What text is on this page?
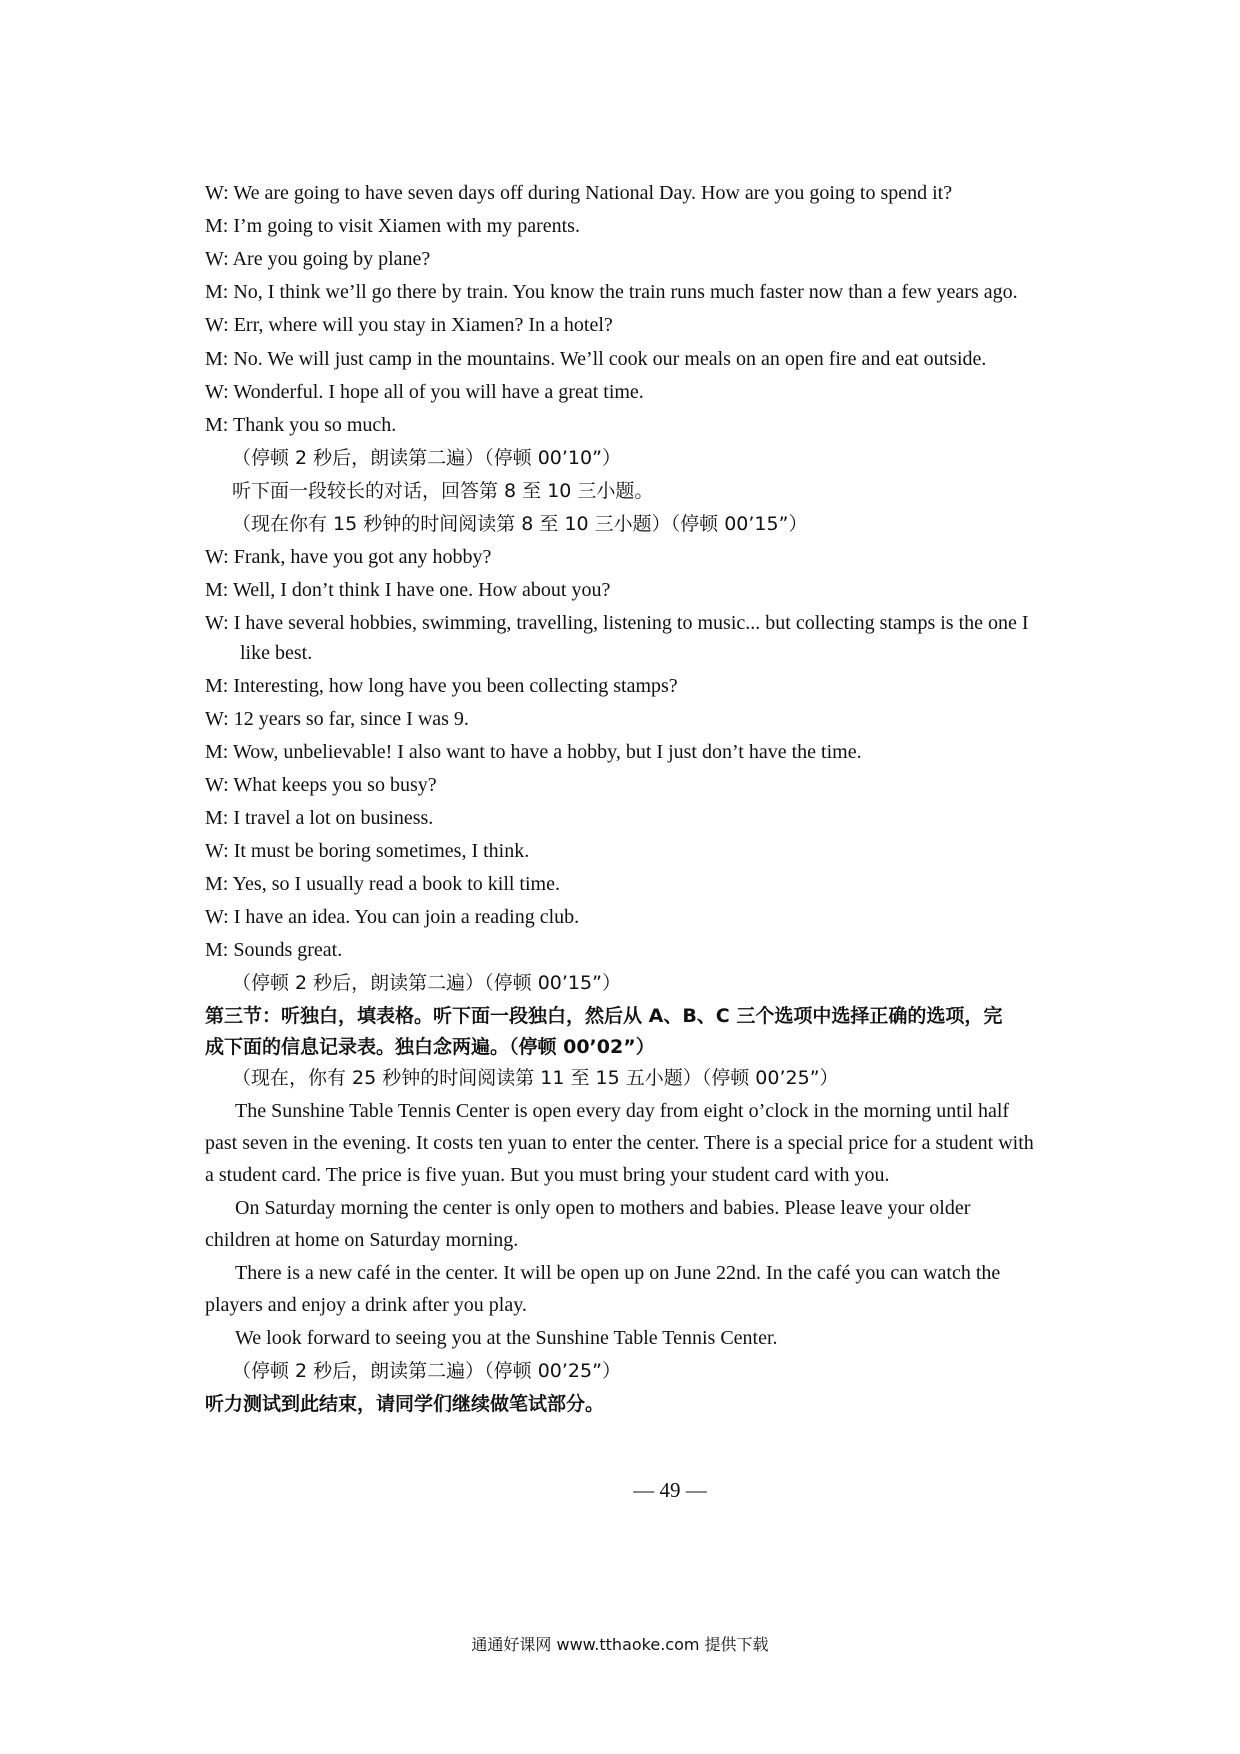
W: We are going to have seven days off during National Day. How are you going to spend it?
M: I’m going to visit Xiamen with my parents.
W: Are you going by plane?
M: No, I think we’ll go there by train. You know the train runs much faster now than a few years ago.
W: Err, where will you stay in Xiamen? In a hotel?
M: No. We will just camp in the mountains. We’ll cook our meals on an open fire and eat outside.
W: Wonderful. I hope all of you will have a great time.
M: Thank you so much.
（停顿 2 秒后，朗读第二遍）（停顿 00’10”）
听下面一段较长的对话，回答第 8 至 10 三小题。
（现在你有 15 秒钟的时间阅读第 8 至 10 三小题）（停顿 00’15”）
W: Frank, have you got any hobby?
M: Well, I don’t think I have one. How about you?
W: I have several hobbies, swimming, travelling, listening to music... but collecting stamps is the one I
like best.
M: Interesting, how long have you been collecting stamps?
W: 12 years so far, since I was 9.
M: Wow, unbelievable! I also want to have a hobby, but I just don’t have the time.
W: What keeps you so busy?
M: I travel a lot on business.
W: It must be boring sometimes, I think.
M: Yes, so I usually read a book to kill time.
W: I have an idea. You can join a reading club.
M: Sounds great.
（停顿 2 秒后，朗读第二遍）（停顿 00’15”）
第三节：听独白，填表格。听下面一段独白，然后从 A、B、C 三个选项中选择正确的选项，完
成下面的信息记录表。独白念两遍。（停顿 00’02”）
（现在，你有 25 秒钟的时间阅读第 11 至 15 五小题）（停顿 00’25”）
The Sunshine Table Tennis Center is open every day from eight o’clock in the morning until half
past seven in the evening. It costs ten yuan to enter the center. There is a special price for a student with
a student card. The price is five yuan. But you must bring your student card with you.
On Saturday morning the center is only open to mothers and babies. Please leave your older
children at home on Saturday morning.
There is a new café in the center. It will be open up on June 22nd. In the café you can watch the
players and enjoy a drink after you play.
We look forward to seeing you at the Sunshine Table Tennis Center.
（停顿 2 秒后，朗读第二遍）（停顿 00’25”）
听力测试到此结束，请同学们继续做笔试部分。
— 49 —
通通好课网 www.tthaoke.com 提供下载
